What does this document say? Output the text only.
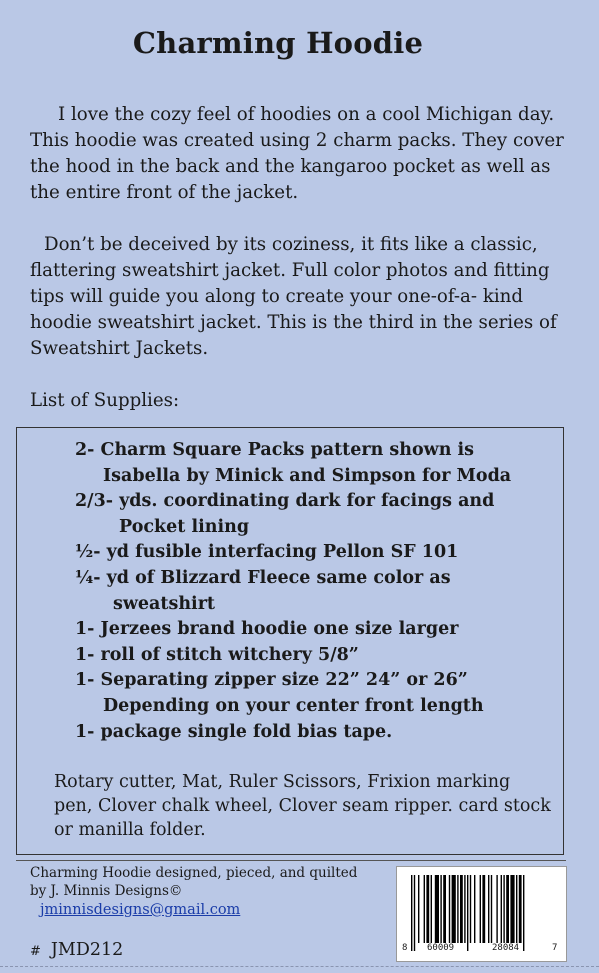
Charming Hoodie

I love the cozy feel of hoodies on a cool Michigan day. This hoodie was created using 2 charm packs. They cover the hood in the back and the kangaroo pocket as well as the entire front of the jacket.

Don’t be deceived by its coziness, it fits like a classic, flattering sweatshirt jacket. Full color photos and fitting tips will guide you along to create your one-of-a- kind hoodie sweatshirt jacket. This is the third in the series of Sweatshirt Jackets.

List of Supplies:
2- Charm Square Packs pattern shown is
Isabella by Minick and Simpson for Moda
2/3- yds. coordinating dark for facings and
Pocket lining
½- yd fusible interfacing Pellon SF 101
¼- yd of Blizzard Fleece same color as
sweatshirt
1- Jerzees brand hoodie one size larger
1- roll of stitch witchery 5/8”
1- Separating zipper size 22” 24” or 26”
Depending on your center front length
1- package single fold bias tape.
Rotary cutter, Mat, Ruler Scissors, Frixion marking pen, Clover chalk wheel, Clover seam ripper. card stock or manilla folder.
Charming Hoodie designed, pieced, and quilted by J. Minnis Designs©
jminnisdesigns@gmail.com
# JMD212	8 60009	28084	7
